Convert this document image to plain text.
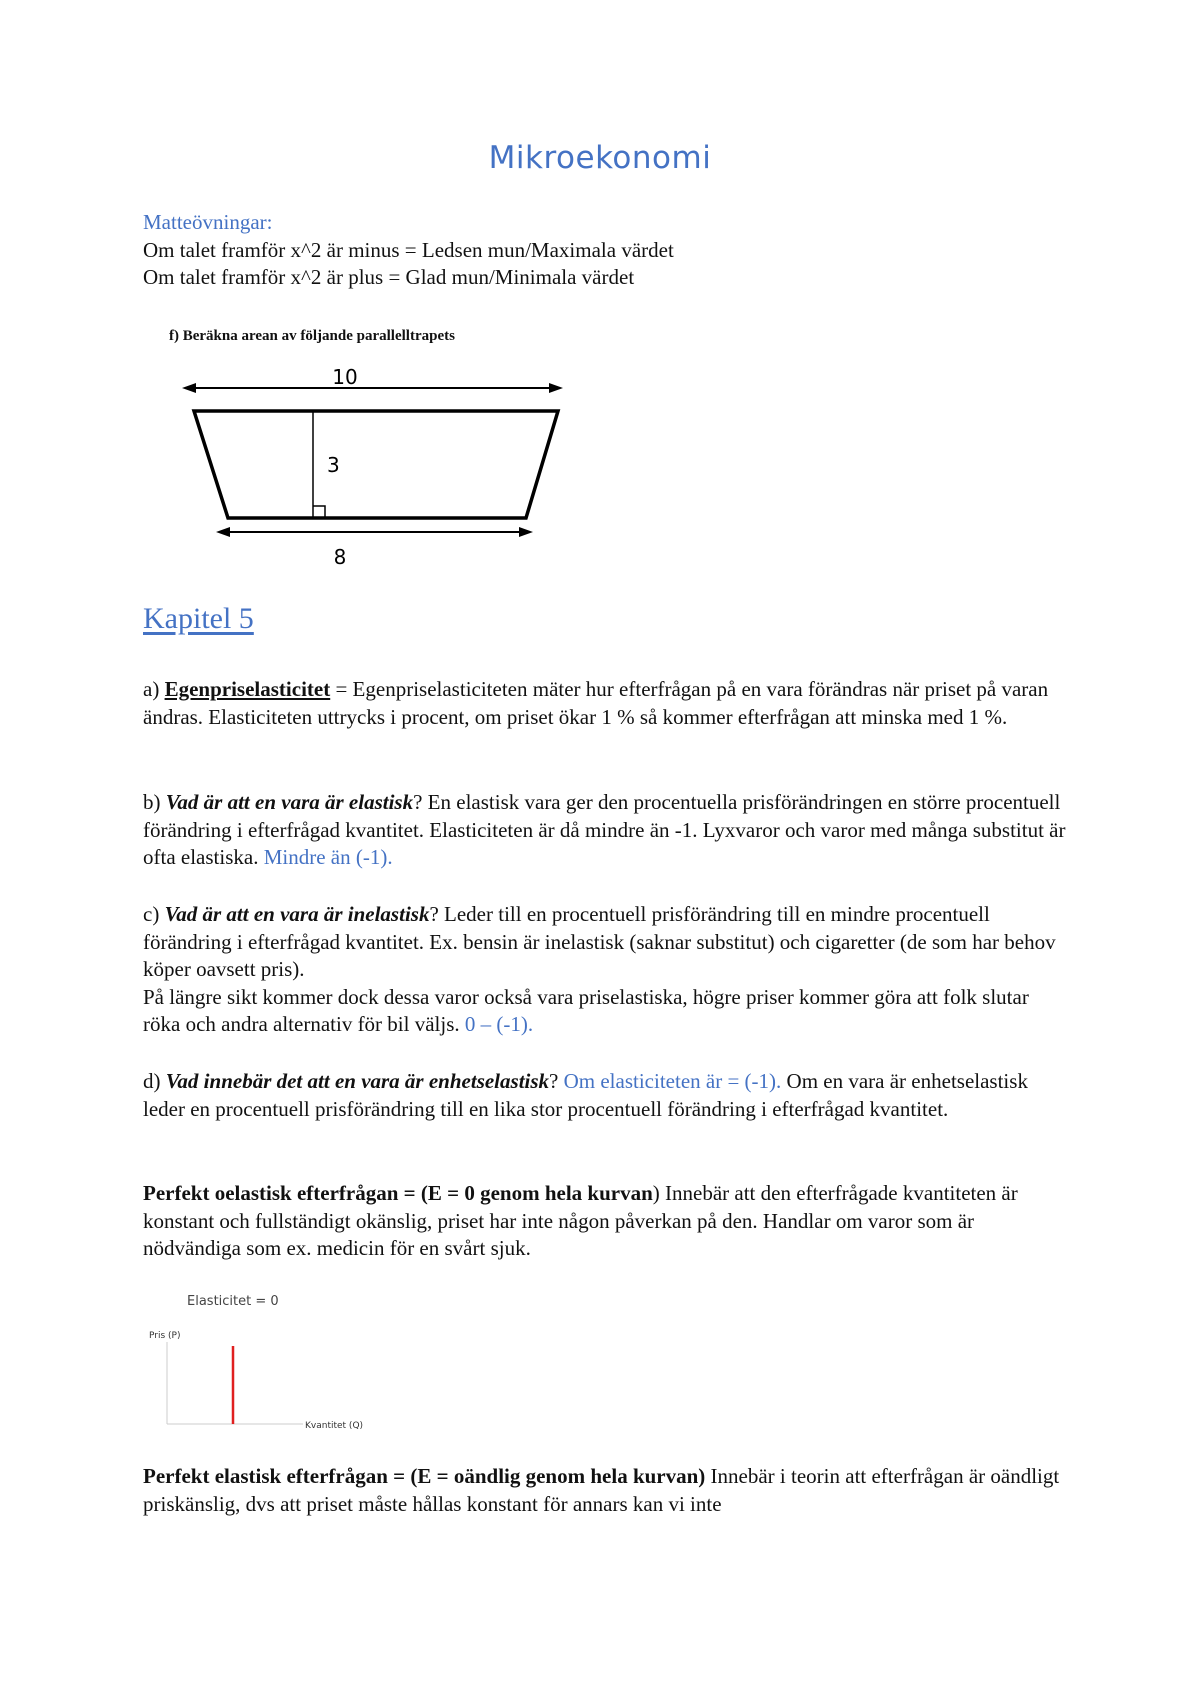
Mikroekonomi
Matteövningar:
Om talet framför x^2 är minus = Ledsen mun/Maximala värdet
Om talet framför x^2 är plus = Glad mun/Minimala värdet
f) Beräkna arean av följande parallelltrapets
10
3
8
Kapitel 5
a) Egenpriselasticitet = Egenpriselasticiteten mäter hur efterfrågan på en vara förändras när priset på varan ändras. Elasticiteten uttrycks i procent, om priset ökar 1 % så kommer efterfrågan att minska med 1 %.
b) Vad är att en vara är elastisk? En elastisk vara ger den procentuella prisförändringen en större procentuell förändring i efterfrågad kvantitet. Elasticiteten är då mindre än -1. Lyxvaror och varor med många substitut är ofta elastiska. Mindre än (-1).
c) Vad är att en vara är inelastisk? Leder till en procentuell prisförändring till en mindre procentuell förändring i efterfrågad kvantitet. Ex. bensin är inelastisk (saknar substitut) och cigaretter (de som har behov köper oavsett pris).
På längre sikt kommer dock dessa varor också vara priselastiska, högre priser kommer göra att folk slutar röka och andra alternativ för bil väljs. 0 – (-1).
d) Vad innebär det att en vara är enhetselastisk? Om elasticiteten är = (-1). Om en vara är enhetselastisk leder en procentuell prisförändring till en lika stor procentuell förändring i efterfrågad kvantitet.
Perfekt oelastisk efterfrågan = (E = 0 genom hela kurvan) Innebär att den efterfrågade kvantiteten är konstant och fullständigt okänslig, priset har inte någon påverkan på den. Handlar om varor som är nödvändiga som ex. medicin för en svårt sjuk.
Elasticitet = 0
Pris (P)
Kvantitet (Q)
Perfekt elastisk efterfrågan = (E = oändlig genom hela kurvan) Innebär i teorin att efterfrågan är oändligt priskänslig, dvs att priset måste hållas konstant för annars kan vi inte
